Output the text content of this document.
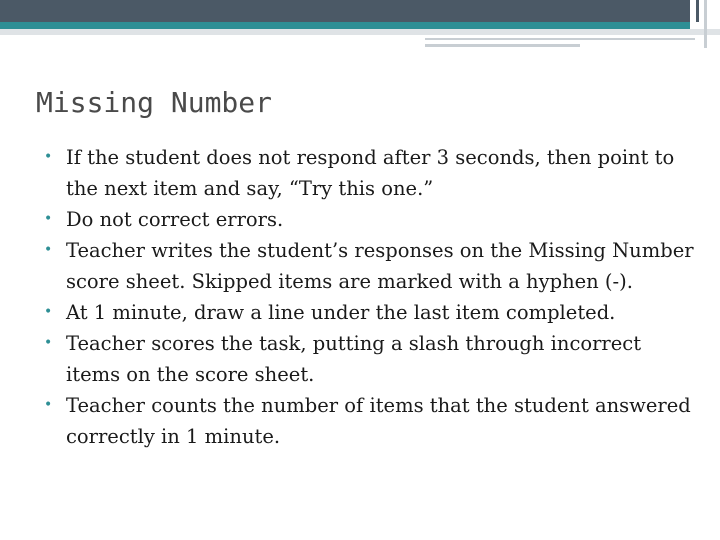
Missing Number
• If the student does not respond after 3 seconds, then point to the next item and say, “Try this one.”
• Do not correct errors.
• Teacher writes the student’s responses on the Missing Number score sheet. Skipped items are marked with a hyphen (-).
• At 1 minute, draw a line under the last item completed.
• Teacher scores the task, putting a slash through incorrect items on the score sheet.
• Teacher counts the number of items that the student answered correctly in 1 minute.
